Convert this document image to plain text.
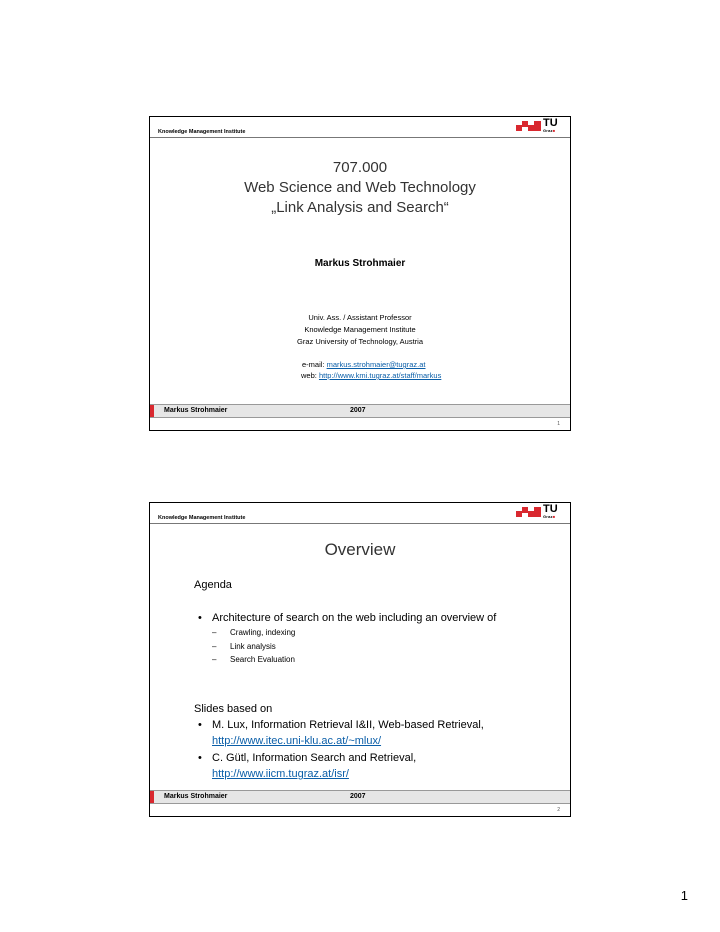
Knowledge Management Institute
TU
Graz■
707.000
Web Science and Web Technology
„Link Analysis and Search“
Markus Strohmaier
Univ. Ass. / Assistant Professor
Knowledge Management Institute
Graz University of Technology, Austria
e-mail: markus.strohmaier@tugraz.at
web: http://www.kmi.tugraz.at/staff/markus
Markus Strohmaier	2007
1
Knowledge Management Institute
TU
Graz■
Overview
Agenda
• Architecture of search on the web including an overview of
– Crawling, indexing
– Link analysis
– Search Evaluation
Slides based on
• M. Lux, Information Retrieval I&II, Web-based Retrieval,
http://www.itec.uni-klu.ac.at/~mlux/
• C. Gütl, Information Search and Retrieval,
http://www.iicm.tugraz.at/isr/
Markus Strohmaier	2007
2
1
